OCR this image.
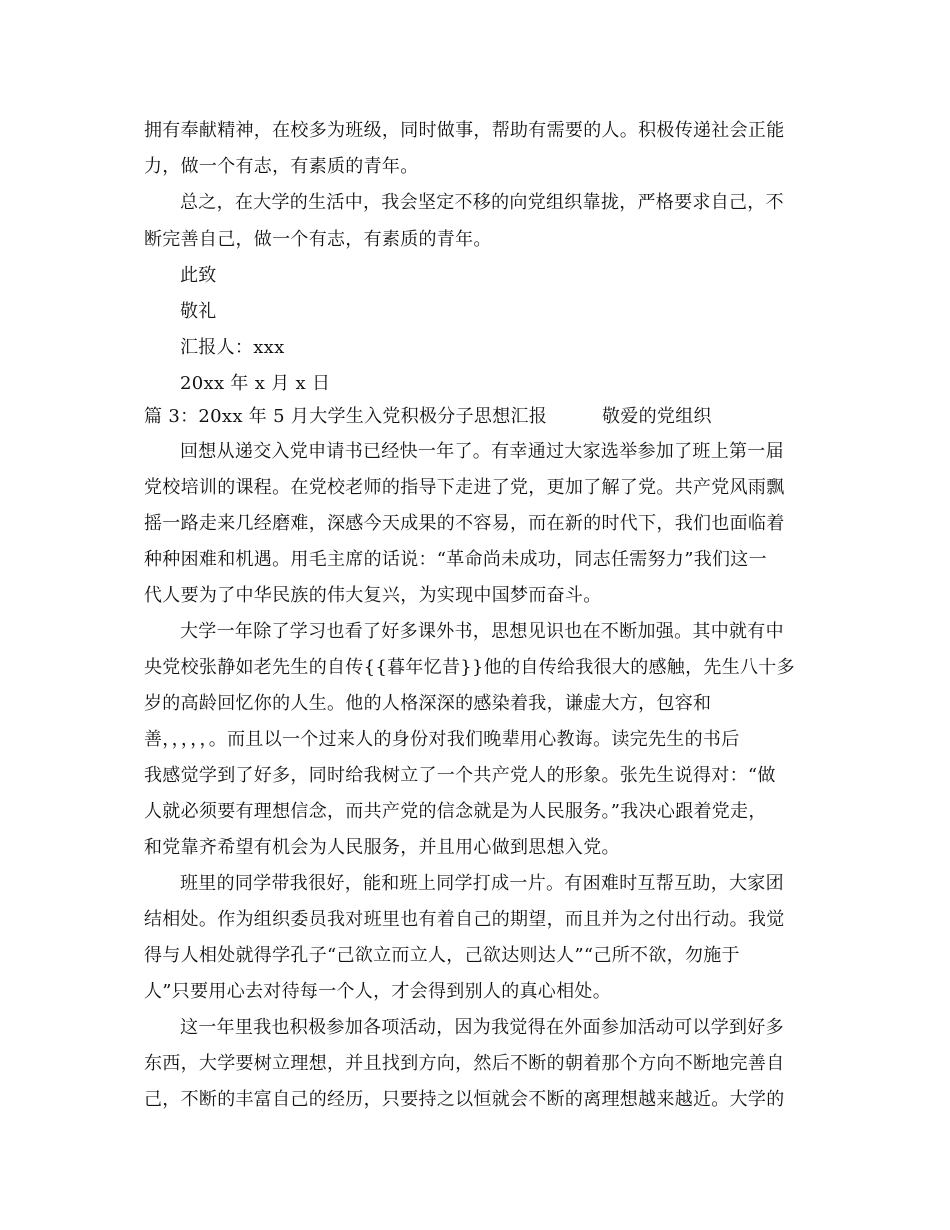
拥有奉献精神，在校多为班级，同时做事，帮助有需要的人。积极传递社会正能
力，做一个有志，有素质的青年。
总之，在大学的生活中，我会坚定不移的向党组织靠拢，严格要求自己，不
断完善自己，做一个有志，有素质的青年。
此致
敬礼
汇报人：xxx
20xx 年 x 月 x 日
篇 3：20xx 年 5 月大学生入党积极分子思想汇报　　　敬爱的党组织
回想从递交入党申请书已经快一年了。有幸通过大家选举参加了班上第一届
党校培训的课程。在党校老师的指导下走进了党，更加了解了党。共产党风雨飘
摇一路走来几经磨难，深感今天成果的不容易，而在新的时代下，我们也面临着
种种困难和机遇。用毛主席的话说：“革命尚未成功，同志任需努力”我们这一
代人要为了中华民族的伟大复兴，为实现中国梦而奋斗。
大学一年除了学习也看了好多课外书，思想见识也在不断加强。其中就有中
央党校张静如老先生的自传{{暮年忆昔}}他的自传给我很大的感触，先生八十多
岁的高龄回忆你的人生。他的人格深深的感染着我，谦虚大方，包容和
善，，，，，。而且以一个过来人的身份对我们晚辈用心教诲。读完先生的书后
我感觉学到了好多，同时给我树立了一个共产党人的形象。张先生说得对：“做
人就必须要有理想信念，而共产党的信念就是为人民服务。”我决心跟着党走，
和党靠齐希望有机会为人民服务，并且用心做到思想入党。
班里的同学带我很好，能和班上同学打成一片。有困难时互帮互助，大家团
结相处。作为组织委员我对班里也有着自己的期望，而且并为之付出行动。我觉
得与人相处就得学孔子“己欲立而立人，己欲达则达人”“己所不欲，勿施于
人”只要用心去对待每一个人，才会得到别人的真心相处。
这一年里我也积极参加各项活动，因为我觉得在外面参加活动可以学到好多
东西，大学要树立理想，并且找到方向，然后不断的朝着那个方向不断地完善自
己，不断的丰富自己的经历，只要持之以恒就会不断的离理想越来越近。大学的
